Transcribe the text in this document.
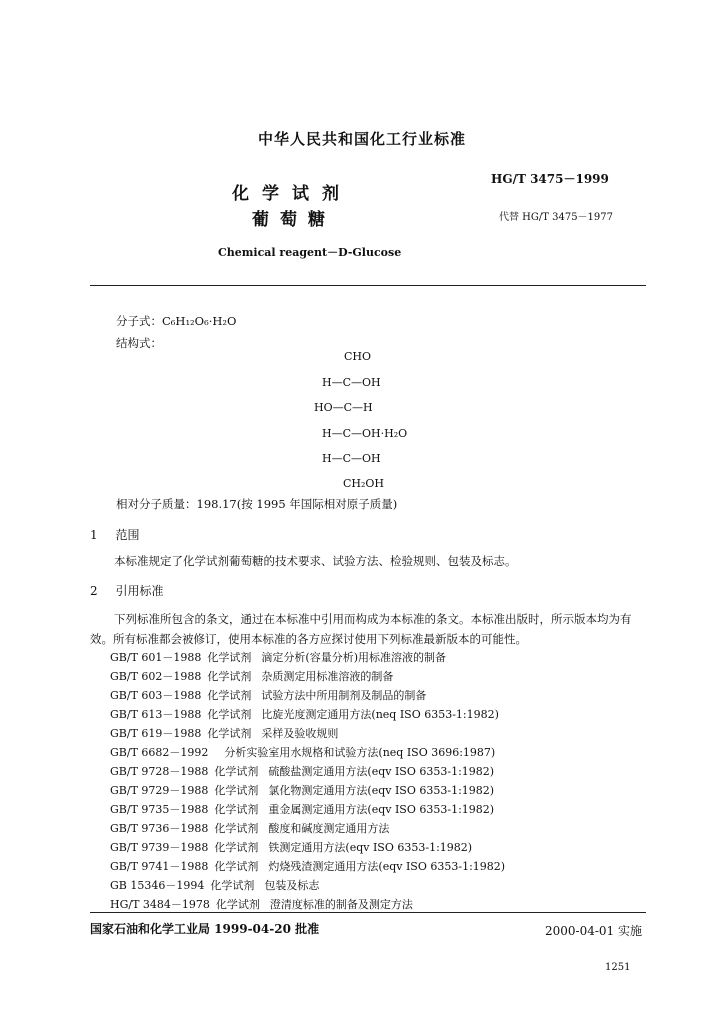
中华人民共和国化工行业标准
HG/T 3475－1999
代替 HG/T 3475－1977
化学试剂
葡萄糖
Chemical reagent－D-Glucose
分子式：C₆H₁₂O₆·H₂O
结构式：
CHO
H—C—OH
HO—C—H
H—C—OH·H₂O
H—C—OH
CH₂OH
相对分子质量：198.17(按 1995 年国际相对原子质量)
1 范围
本标准规定了化学试剂葡萄糖的技术要求、试验方法、检验规则、包装及标志。
2 引用标准
下列标准所包含的条文，通过在本标准中引用而构成为本标准的条文。本标准出版时，所示版本均为有效。所有标准都会被修订，使用本标准的各方应探讨使用下列标准最新版本的可能性。
GB/T 601－1988 化学试剂 滴定分析(容量分析)用标准溶液的制备
GB/T 602－1988 化学试剂 杂质测定用标准溶液的制备
GB/T 603－1988 化学试剂 试验方法中所用制剂及制品的制备
GB/T 613－1988 化学试剂 比旋光度测定通用方法(neq ISO 6353-1:1982)
GB/T 619－1988 化学试剂 采样及验收规则
GB/T 6682－1992 分析实验室用水规格和试验方法(neq ISO 3696:1987)
GB/T 9728－1988 化学试剂 硫酸盐测定通用方法(eqv ISO 6353-1:1982)
GB/T 9729－1988 化学试剂 氯化物测定通用方法(eqv ISO 6353-1:1982)
GB/T 9735－1988 化学试剂 重金属测定通用方法(eqv ISO 6353-1:1982)
GB/T 9736－1988 化学试剂 酸度和碱度测定通用方法
GB/T 9739－1988 化学试剂 铁测定通用方法(eqv ISO 6353-1:1982)
GB/T 9741－1988 化学试剂 灼烧残渣测定通用方法(eqv ISO 6353-1:1982)
GB 15346－1994 化学试剂 包装及标志
HG/T 3484－1978 化学试剂 澄清度标准的制备及测定方法
国家石油和化学工业局 1999-04-20 批准	2000-04-01 实施
1251
